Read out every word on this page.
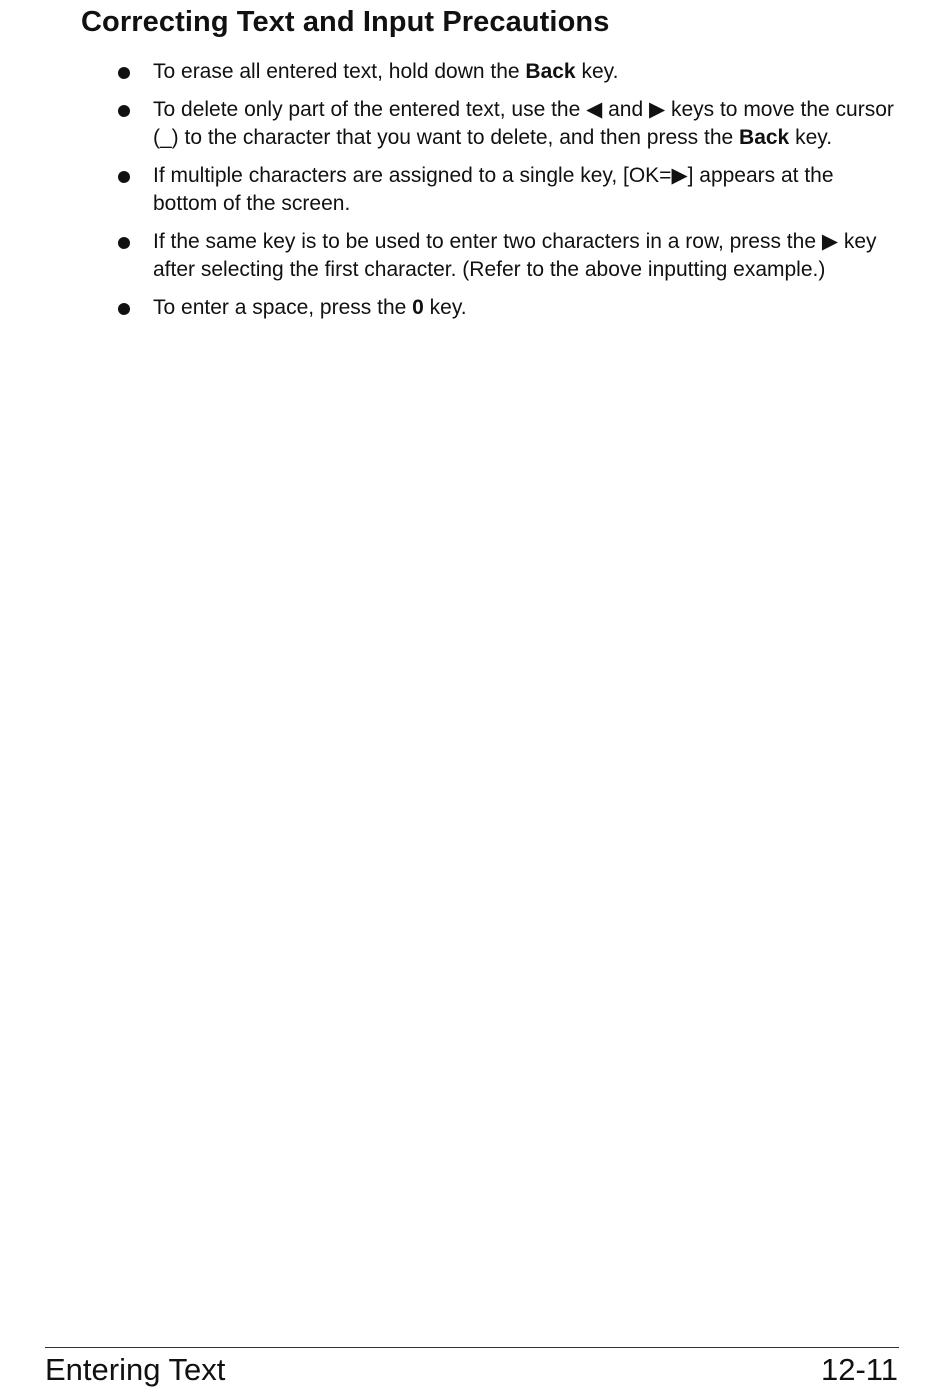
Correcting Text and Input Precautions
To erase all entered text, hold down the Back key.
To delete only part of the entered text, use the ◀ and ▶ keys to move the cursor (_) to the character that you want to delete, and then press the Back key.
If multiple characters are assigned to a single key, [OK=▶] appears at the bottom of the screen.
If the same key is to be used to enter two characters in a row, press the ▶ key after selecting the first character. (Refer to the above inputting example.)
To enter a space, press the 0 key.
Entering Text	12-11
